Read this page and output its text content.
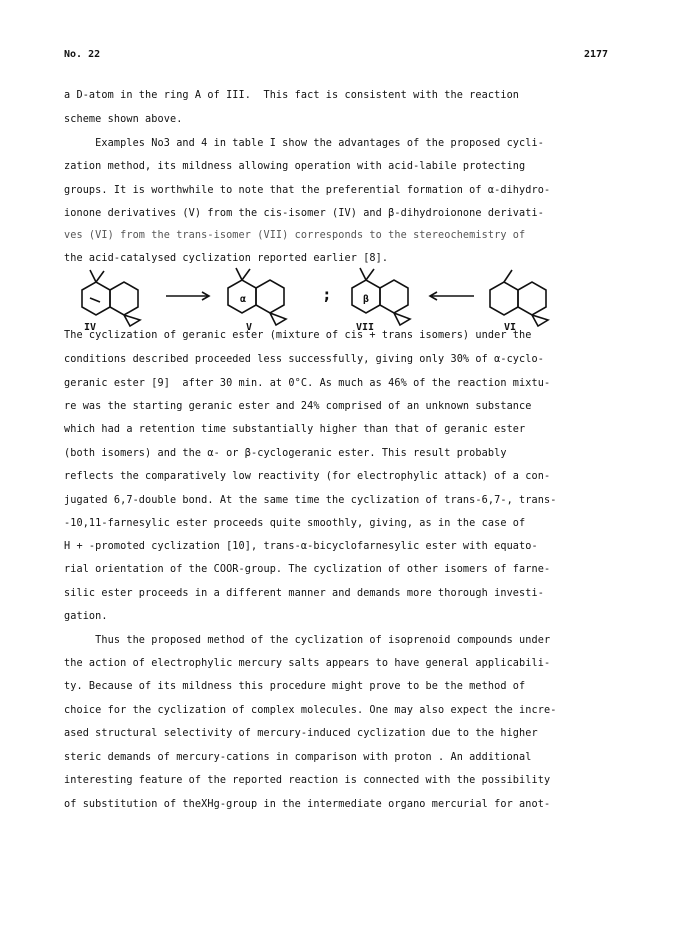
No. 22	2177
a D-atom in the ring A of III.  This fact is consistent with the reaction
scheme shown above.
Examples No3 and 4 in table I show the advantages of the proposed cycli-
zation method, its mildness allowing operation with acid-labile protecting
groups. It is worthwhile to note that the preferential formation of α-dihydro-
ionone derivatives (V) from the cis-isomer (IV) and β-dihydroionone derivati-
ves (VI) from the trans-isomer (VII) corresponds to the stereochemistry of
the acid-catalysed cyclization reported earlier [8].
α	β
;
IV	V	VII	VI
The cyclization of geranic ester (mixture of cis + trans isomers) under the
conditions described proceeded less successfully, giving only 30% of α-cyclo-
geranic ester [9]  after 30 min. at 0°C. As much as 46% of the reaction mixtu-
re was the starting geranic ester and 24% comprised of an unknown substance
which had a retention time substantially higher than that of geranic ester
(both isomers) and the α- or β-cyclogeranic ester. This result probably
reflects the comparatively low reactivity (for electrophylic attack) of a con-
jugated 6,7-double bond. At the same time the cyclization of trans-6,7-, trans-
-10,11-farnesylic ester proceeds quite smoothly, giving, as in the case of
H + -promoted cyclization [10], trans-α-bicyclofarnesylic ester with equato-
rial orientation of the COOR-group. The cyclization of other isomers of farne-
silic ester proceeds in a different manner and demands more thorough investi-
gation.
Thus the proposed method of the cyclization of isoprenoid compounds under
the action of electrophylic mercury salts appears to have general applicabili-
ty. Because of its mildness this procedure might prove to be the method of
choice for the cyclization of complex molecules. One may also expect the incre-
ased structural selectivity of mercury-induced cyclization due to the higher
steric demands of mercury-cations in comparison with proton . An additional
interesting feature of the reported reaction is connected with the possibility
of substitution of theXHg-group in the intermediate organo mercurial for anot-
